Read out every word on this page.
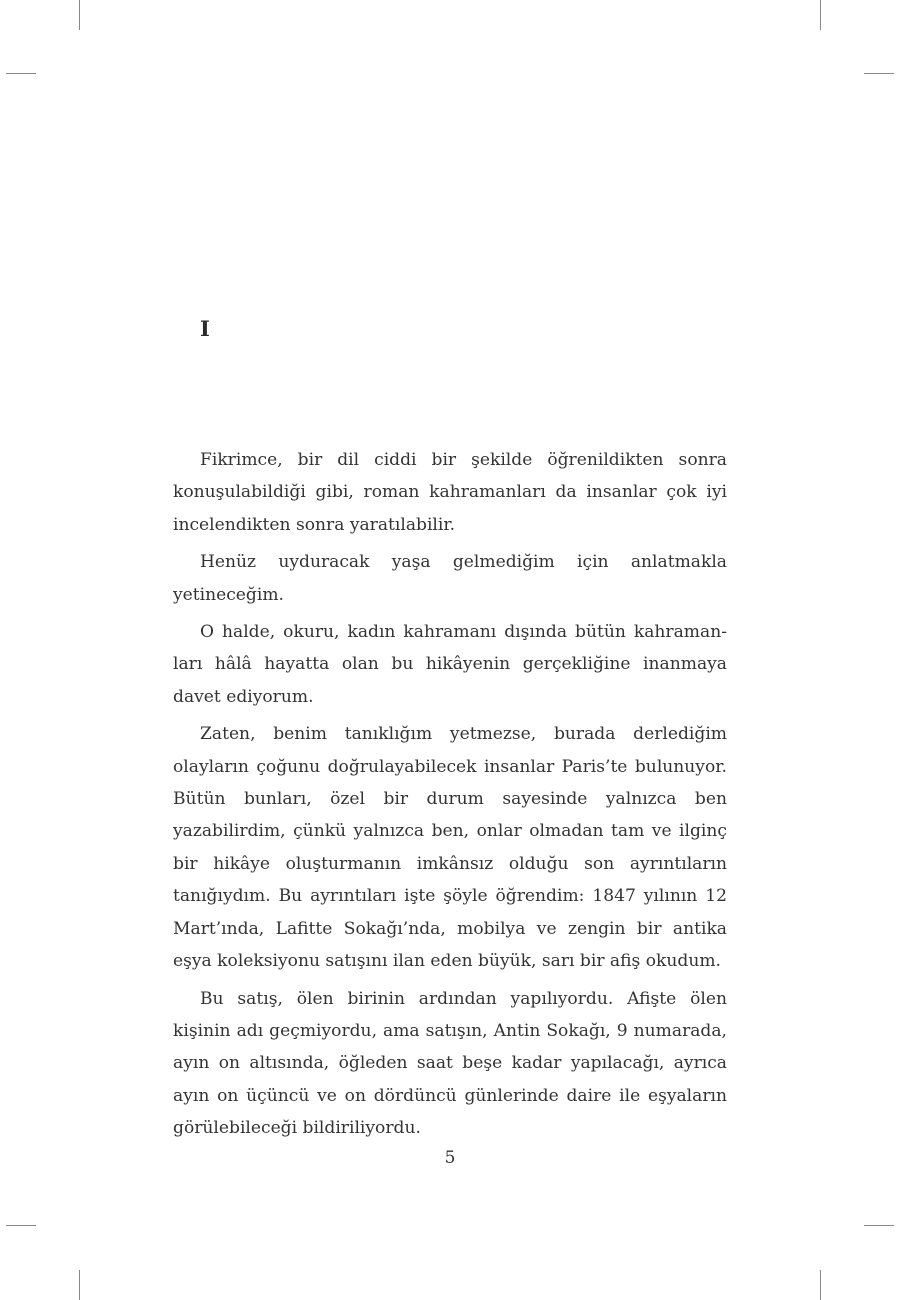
I

Fikrimce, bir dil ciddi bir şekilde öğrenildikten sonra konuşulabildiği gibi, roman kahramanları da insanlar çok iyi incelendikten sonra yaratılabilir.

Henüz uyduracak yaşa gelmediğim için anlatmakla yetineceğim.

O halde, okuru, kadın kahramanı dışında bütün kahramanları hâlâ hayatta olan bu hikâyenin gerçekliğine inanmaya davet ediyorum.

Zaten, benim tanıklığım yetmezse, burada derlediğim olayların çoğunu doğrulayabilecek insanlar Paris’te bulunuyor. Bütün bunları, özel bir durum sayesinde yalnızca ben yazabilirdim, çünkü yalnızca ben, onlar olmadan tam ve ilginç bir hikâye oluşturmanın imkânsız olduğu son ayrıntıların tanığıydım. Bu ayrıntıları işte şöyle öğrendim: 1847 yılının 12 Mart’ında, Lafitte Sokağı’nda, mobilya ve zengin bir antika eşya koleksiyonu satışını ilan eden büyük, sarı bir afiş okudum.

Bu satış, ölen birinin ardından yapılıyordu. Afişte ölen kişinin adı geçmiyordu, ama satışın, Antin Sokağı, 9 numarada, ayın on altısında, öğleden saat beşe kadar yapılacağı, ayrıca ayın on üçüncü ve on dördüncü günlerinde daire ile eşyaların görülebileceği bildiriliyordu.

5
